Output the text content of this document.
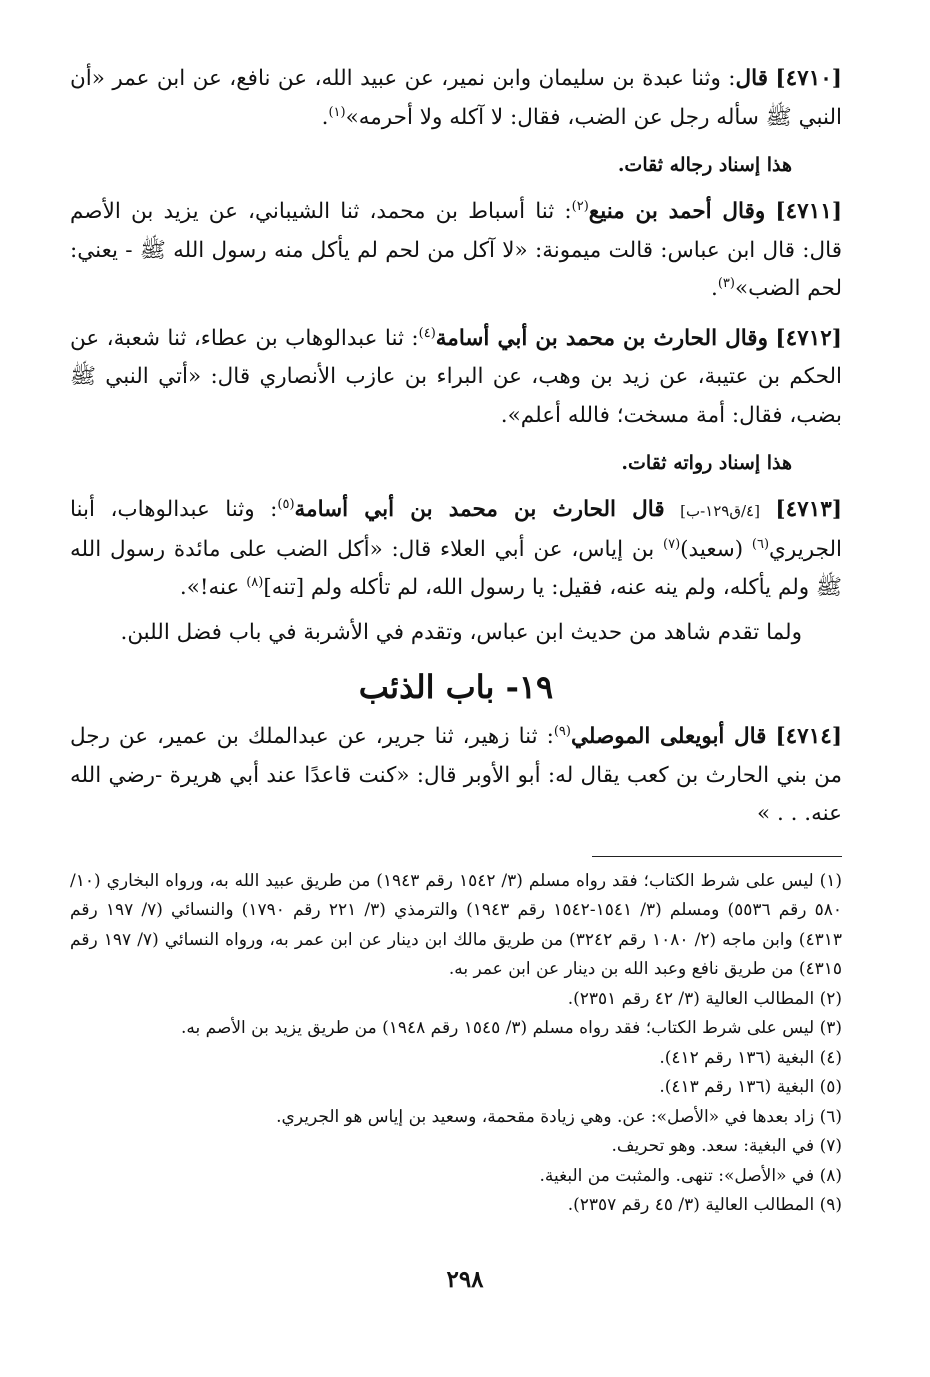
[٤٧١٠] قال: وثنا عبدة بن سليمان وابن نمير، عن عبيد الله، عن نافع، عن ابن عمر «أن النبي ﷺ سأله رجل عن الضب، فقال: لا آكله ولا أحرمه»$^{(١)}$.

هذا إسناد رجاله ثقات.

[٤٧١١] وقال أحمد بن منيع$^{(٢)}$: ثنا أسباط بن محمد، ثنا الشيباني، عن يزيد بن الأصم قال: قال ابن عباس: قالت ميمونة: «لا آكل من لحم لم يأكل منه رسول الله ﷺ - يعني: لحم الضب»$^{(٣)}$.

[٤٧١٢] وقال الحارث بن محمد بن أبي أسامة$^{(٤)}$: ثنا عبدالوهاب بن عطاء، ثنا شعبة، عن الحكم بن عتيبة، عن زيد بن وهب، عن البراء بن عازب الأنصاري قال: «أتي النبي ﷺ بضب، فقال: أمة مسخت؛ فالله أعلم».

هذا إسناد رواته ثقات.

[٤٧١٣] [٤/ق١٢٩-ب] قال الحارث بن محمد بن أبي أسامة$^{(٥)}$: وثنا عبدالوهاب، أبنا الجريري$^{(٦)}$ (سعيد)$^{(٧)}$ بن إياس، عن أبي العلاء قال: «أكل الضب على مائدة رسول الله ﷺ ولم يأكله، ولم ينه عنه، فقيل: يا رسول الله، لم تأكله ولم [تنه]$^{(٨)}$ عنه!».

ولما تقدم شاهد من حديث ابن عباس، وتقدم في الأشربة في باب فضل اللبن.

١٩- باب الذئب

[٤٧١٤] قال أبويعلى الموصلي$^{(٩)}$: ثنا زهير، ثنا جرير، عن عبدالملك بن عمير، عن رجل من بني الحارث بن كعب يقال له: أبو الأوبر قال: «كنت قاعدًا عند أبي هريرة -رضي الله عنه. . . »

(١) ليس على شرط الكتاب؛ فقد رواه مسلم (٣/ ١٥٤٢ رقم ١٩٤٣) من طريق عبيد الله به، ورواه البخاري (١٠/ ٥٨٠ رقم ٥٥٣٦) ومسلم (٣/ ١٥٤١-١٥٤٢ رقم ١٩٤٣) والترمذي (٣/ ٢٢١ رقم ١٧٩٠) والنسائي (٧/ ١٩٧ رقم ٤٣١٣) وابن ماجه (٢/ ١٠٨٠ رقم ٣٢٤٢) من طريق مالك ابن دينار عن ابن عمر به، ورواه النسائي (٧/ ١٩٧ رقم ٤٣١٥) من طريق نافع وعبد الله بن دينار عن ابن عمر به.

(٢) المطالب العالية (٣/ ٤٢ رقم ٢٣٥١).

(٣) ليس على شرط الكتاب؛ فقد رواه مسلم (٣/ ١٥٤٥ رقم ١٩٤٨) من طريق يزيد بن الأصم به.

(٤) البغية (١٣٦ رقم ٤١٢).

(٥) البغية (١٣٦ رقم ٤١٣).

(٦) زاد بعدها في «الأصل»: عن. وهي زيادة مقحمة، وسعيد بن إياس هو الجريري.

(٧) في البغية: سعد. وهو تحريف.

(٨) في «الأصل»: تنهى. والمثبت من البغية.

(٩) المطالب العالية (٣/ ٤٥ رقم ٢٣٥٧).

٢٩٨
